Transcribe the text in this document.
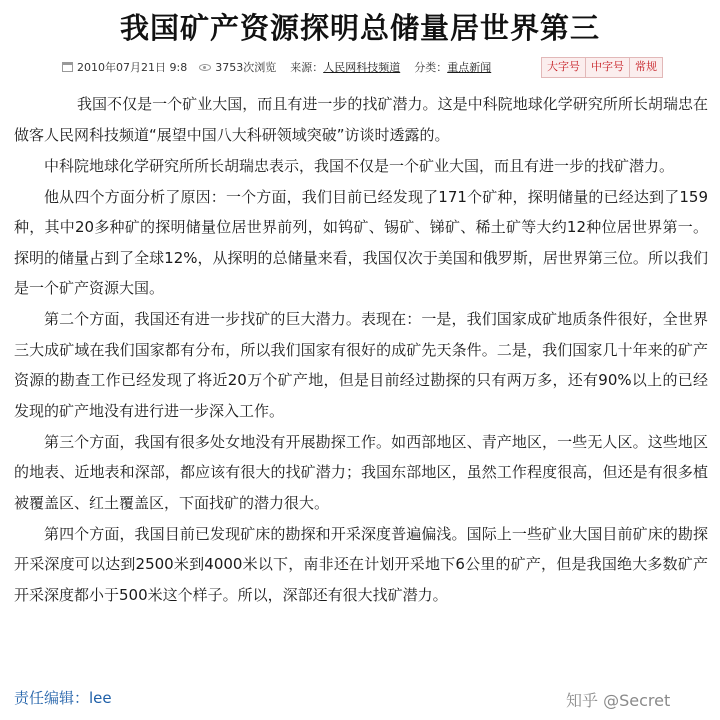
我国矿产资源探明总储量居世界第三
2010年07月21日 9:8	3753次浏览 来源： 人民网科技频道 分类： 重点新闻	大字号	中字号	常规

我国不仅是一个矿业大国，而且有进一步的找矿潜力。这是中科院地球化学研究所所长胡瑞忠在做客人民网科技频道“展望中国八大科研领域突破”访谈时透露的。

中科院地球化学研究所所长胡瑞忠表示，我国不仅是一个矿业大国，而且有进一步的找矿潜力。

他从四个方面分析了原因：一个方面，我们目前已经发现了171个矿种，探明储量的已经达到了159种，其中20多种矿的探明储量位居世界前列，如钨矿、锡矿、锑矿、稀土矿等大约12种位居世界第一。探明的储量占到了全球12%，从探明的总储量来看，我国仅次于美国和俄罗斯，居世界第三位。所以我们是一个矿产资源大国。

第二个方面，我国还有进一步找矿的巨大潜力。表现在：一是，我们国家成矿地质条件很好，全世界三大成矿域在我们国家都有分布，所以我们国家有很好的成矿先天条件。二是，我们国家几十年来的矿产资源的勘查工作已经发现了将近20万个矿产地，但是目前经过勘探的只有两万多，还有90%以上的已经发现的矿产地没有进行进一步深入工作。

第三个方面，我国有很多处女地没有开展勘探工作。如西部地区、青产地区，一些无人区。这些地区的地表、近地表和深部，都应该有很大的找矿潜力；我国东部地区，虽然工作程度很高，但还是有很多植被覆盖区、红土覆盖区，下面找矿的潜力很大。

第四个方面，我国目前已发现矿床的勘探和开采深度普遍偏浅。国际上一些矿业大国目前矿床的勘探开采深度可以达到2500米到4000米以下，南非还在计划开采地下6公里的矿产，但是我国绝大多数矿产开采深度都小于500米这个样子。所以，深部还有很大找矿潜力。

责任编辑：lee	知乎 @Secret
